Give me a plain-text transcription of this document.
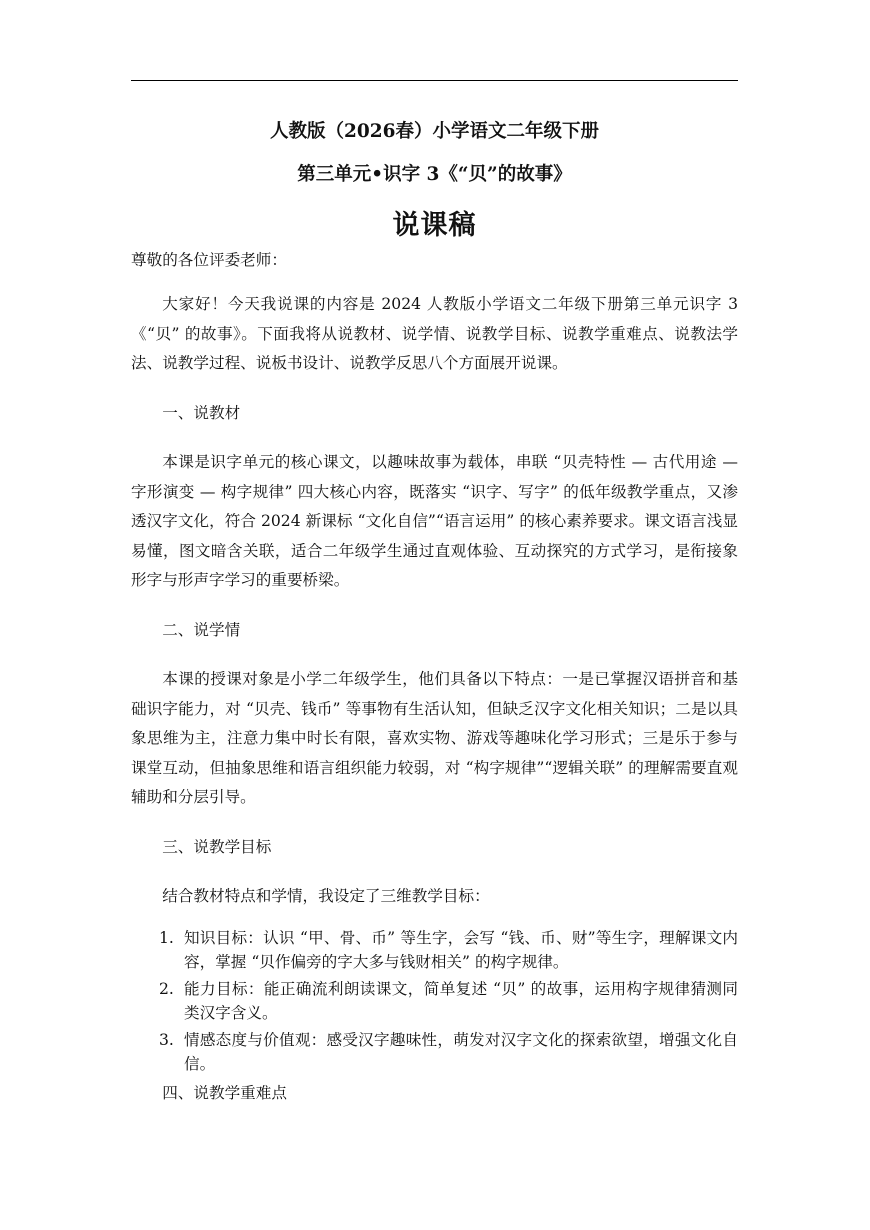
人教版（2026春）小学语文二年级下册
第三单元•识字 3《“贝”的故事》
说课稿

尊敬的各位评委老师：

大家好！今天我说课的内容是 2024 人教版小学语文二年级下册第三单元识字 3《“贝” 的故事》。下面我将从说教材、说学情、说教学目标、说教学重难点、说教法学法、说教学过程、说板书设计、说教学反思八个方面展开说课。

一、说教材

本课是识字单元的核心课文，以趣味故事为载体，串联 “贝壳特性 — 古代用途 — 字形演变 — 构字规律” 四大核心内容，既落实 “识字、写字” 的低年级教学重点，又渗透汉字文化，符合 2024 新课标 “文化自信”“语言运用” 的核心素养要求。课文语言浅显易懂，图文暗含关联，适合二年级学生通过直观体验、互动探究的方式学习，是衔接象形字与形声字学习的重要桥梁。

二、说学情

本课的授课对象是小学二年级学生，他们具备以下特点：一是已掌握汉语拼音和基础识字能力，对 “贝壳、钱币” 等事物有生活认知，但缺乏汉字文化相关知识；二是以具象思维为主，注意力集中时长有限，喜欢实物、游戏等趣味化学习形式；三是乐于参与课堂互动，但抽象思维和语言组织能力较弱，对 “构字规律”“逻辑关联” 的理解需要直观辅助和分层引导。

三、说教学目标

结合教材特点和学情，我设定了三维教学目标：

1. 知识目标：认识 “甲、骨、币” 等生字，会写 “钱、币、财”等生字，理解课文内容，掌握 “贝作偏旁的字大多与钱财相关” 的构字规律。
2. 能力目标：能正确流利朗读课文，简单复述 “贝” 的故事，运用构字规律猜测同类汉字含义。
3. 情感态度与价值观：感受汉字趣味性，萌发对汉字文化的探索欲望，增强文化自信。

四、说教学重难点
